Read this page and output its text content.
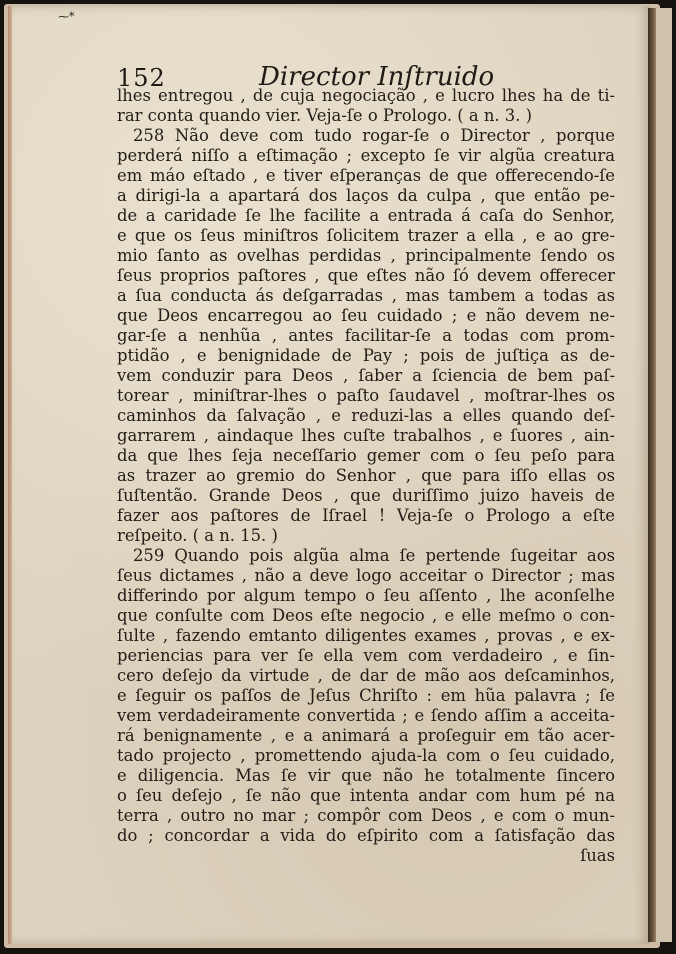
⁓*
152	Director Inſtruido
lhes entregou , de cuja negociação , e lucro lhes ha de ti-
rar conta quando vier. Veja-ſe o Prologo. ( a n. 3. )
258 Não deve com tudo rogar-ſe o Director , porque
perderá niſſo a eſtimação ; excepto ſe vir algũa creatura
em máo eſtado , e tiver eſperanças de que offerecendo-ſe
a dirigi-la a apartará dos laços da culpa , que então pe-
de a caridade ſe lhe facilite a entrada á caſa do Senhor,
e que os ſeus miniſtros ſolicitem trazer a ella , e ao gre-
mio ſanto as ovelhas perdidas , principalmente ſendo os
ſeus proprios paſtores , que eſtes não ſó devem offerecer
a ſua conducta ás deſgarradas , mas tambem a todas as
que Deos encarregou ao ſeu cuidado ; e não devem ne-
gar-ſe a nenhũa , antes facilitar-ſe a todas com prom-
ptidão , e benignidade de Pay ; pois de juſtiça as de-
vem conduzir para Deos , ſaber a ſciencia de bem paſ-
torear , miniſtrar-lhes o paſto ſaudavel , moſtrar-lhes os
caminhos da ſalvação , e reduzi-las a elles quando deſ-
garrarem , aindaque lhes cuſte trabalhos , e ſuores , ain-
da que lhes ſeja neceſſario gemer com o ſeu peſo para
as trazer ao gremio do Senhor , que para iſſo ellas os
ſuſtentão. Grande Deos , que duriſſimo juizo haveis de
fazer aos paſtores de Iſrael ! Veja-ſe o Prologo a eſte
reſpeito. ( a n. 15. )
259 Quando pois algũa alma ſe pertende ſugeitar aos
ſeus dictames , não a deve logo acceitar o Director ; mas
differindo por algum tempo o ſeu aſſento , lhe aconſelhe
que conſulte com Deos eſte negocio , e elle meſmo o con-
ſulte , fazendo emtanto diligentes exames , provas , e ex-
periencias para ver ſe ella vem com verdadeiro , e ſin-
cero deſejo da virtude , de dar de mão aos deſcaminhos,
e ſeguir os paſſos de Jeſus Chriſto : em hũa palavra ; ſe
vem verdadeiramente convertida ; e ſendo aſſim a acceita-
rá benignamente , e a animará a proſeguir em tão acer-
tado projecto , promettendo ajuda-la com o ſeu cuidado,
e diligencia. Mas ſe vir que não he totalmente ſincero
o ſeu deſejo , ſe não que intenta andar com hum pé na
terra , outro no mar ; compôr com Deos , e com o mun-
do ; concordar a vida do eſpirito com a ſatisfação das
ſuas
